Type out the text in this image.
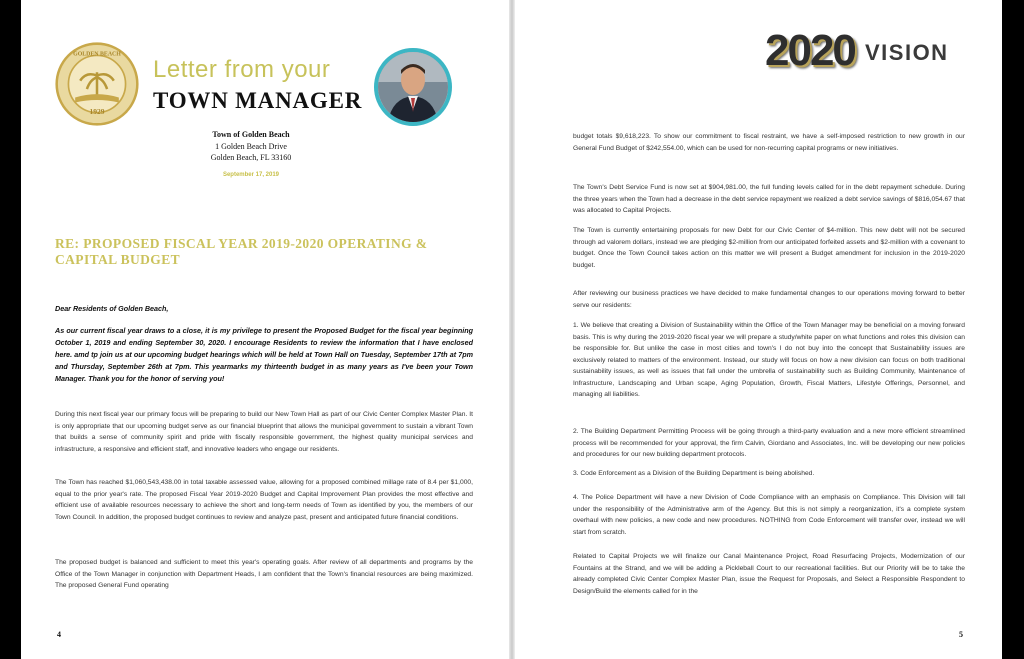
1929
GOLDEN BEACH
Letter from your
TOWN MANAGER
Town of Golden Beach
1 Golden Beach Drive
Golden Beach, FL 33160
September 17, 2019
RE: PROPOSED FISCAL YEAR 2019-2020 OPERATING & CAPITAL BUDGET
Dear Residents of Golden Beach,
As our current fiscal year draws to a close, it is my privilege to present the Proposed Budget for the fiscal year beginning October 1, 2019 and ending September 30, 2020. I encourage Residents to review the information that I have enclosed here. amd tp join us at our upcoming budget hearings which will be held at Town Hall on Tuesday, September 17th at 7pm and Thursday, September 26th at 7pm. This yearmarks my thirteenth budget in as many years as I've been your Town Manager. Thank you for the honor of serving you!
During this next fiscal year our primary focus will be preparing to build our New Town Hall as part of our Civic Center Complex Master Plan. It is only appropriate that our upcoming budget serve as our financial blueprint that allows the municipal government to sustain a vibrant Town that builds a sense of community spirit and pride with fiscally responsible government, the highest quality municipal services and infrastructure, a responsive and efficient staff, and innovative leaders who engage our residents.
The Town has reached $1,060,543,438.00 in total taxable assessed value, allowing for a proposed combined millage rate of 8.4 per $1,000, equal to the prior year's rate. The proposed Fiscal Year 2019-2020 Budget and Capital Improvement Plan provides the most effective and efficient use of available resources necessary to achieve the short and long-term needs of Town as identified by you, the members of our Town Council. In addition, the proposed budget continues to review and analyze past, present and anticipated future financial conditions.
The proposed budget is balanced and sufficient to meet this year's operating goals. After review of all departments and programs by the Office of the Town Manager in conjunction with Department Heads, I am confident that the Town's financial resources are being maximized. The proposed General Fund operating
4
2020 VISION
budget totals $9,618,223. To show our commitment to fiscal restraint, we have a self-imposed restriction to new growth in our General Fund Budget of $242,554.00, which can be used for non-recurring capital programs or new initiatives.
The Town's Debt Service Fund is now set at $904,981.00, the full funding levels called for in the debt repayment schedule. During the three years when the Town had a decrease in the debt service repayment we realized a debt service savings of $816,054.67 that was allocated to Capital Projects.
The Town is currently entertaining proposals for new Debt for our Civic Center of $4-million. This new debt will not be secured through ad valorem dollars, instead we are pledging $2-million from our anticipated forfeited assets and $2-million with a covenant to budget. Once the Town Council takes action on this matter we will present a Budget amendment for inclusion in the 2019-2020 budget.
After reviewing our business practices we have decided to make fundamental changes to our operations moving forward to better serve our residents:
1. We believe that creating a Division of Sustainability within the Office of the Town Manager may be beneficial on a moving forward basis. This is why during the 2019-2020 fiscal year we will prepare a study/white paper on what functions and roles this division can be responsible for. But unlike the case in most cities and town's I do not buy into the concept that Sustainability issues are exclusively related to matters of the environment. Instead, our study will focus on how a new division can focus on both traditional sustainability issues, as well as issues that fall under the umbrella of sustainability such as Building Community, Maintenance of Infrastructure, Landscaping and Urban scape, Aging Population, Growth, Fiscal Matters, Lifestyle Offerings, Personnel, and managing all liabilities.
2. The Building Department Permitting Process will be going through a third-party evaluation and a new more efficient streamlined process will be recommended for your approval, the firm Calvin, Giordano and Associates, Inc. will be developing our new policies and procedures for our new building department protocols.
3. Code Enforcement as a Division of the Building Department is being abolished.
4. The Police Department will have a new Division of Code Compliance with an emphasis on Compliance. This Division will fall under the responsibility of the Administrative arm of the Agency. But this is not simply a reorganization, it's a complete system overhaul with new policies, a new code and new procedures. NOTHING from Code Enforcement will transfer over, instead we will start from scratch.
Related to Capital Projects we will finalize our Canal Maintenance Project, Road Resurfacing Projects, Modernization of our Fountains at the Strand, and we will be adding a Pickleball Court to our recreational facilities. But our Priority will be to take the already completed Civic Center Complex Master Plan, issue the Request for Proposals, and Select a Responsible Respondent to Design/Build the elements called for in the
5
